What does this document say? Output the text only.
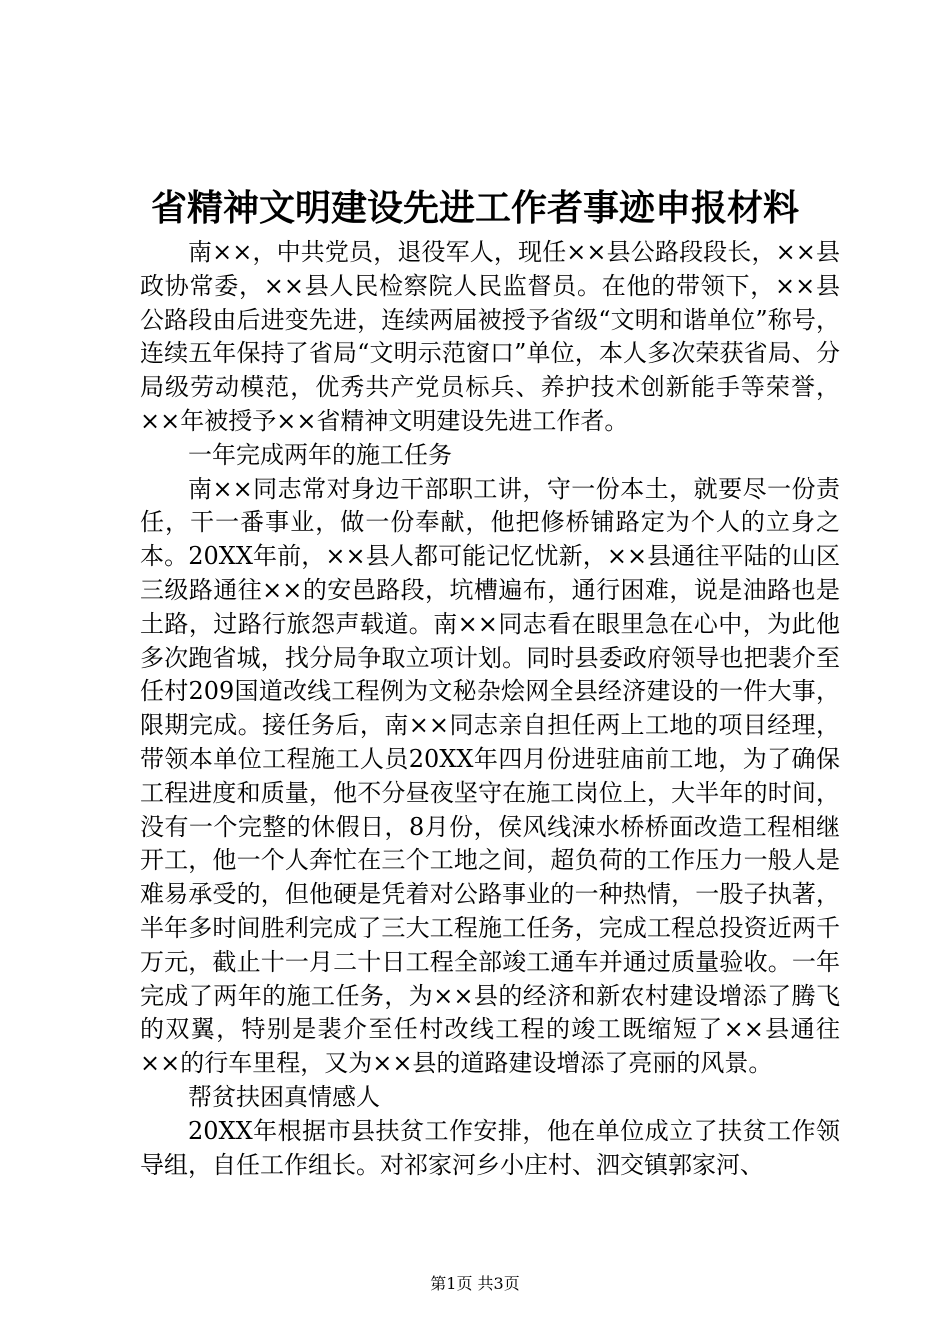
省精神文明建设先进工作者事迹申报材料

南××，中共党员，退役军人，现任××县公路段段长，××县政协常委，××县人民检察院人民监督员。在他的带领下，××县公路段由后进变先进，连续两届被授予省级“文明和谐单位”称号，连续五年保持了省局“文明示范窗口”单位，本人多次荣获省局、分局级劳动模范，优秀共产党员标兵、养护技术创新能手等荣誉，××年被授予××省精神文明建设先进工作者。

一年完成两年的施工任务

南××同志常对身边干部职工讲，守一份本土，就要尽一份责任，干一番事业，做一份奉献，他把修桥铺路定为个人的立身之本。20XX年前，××县人都可能记忆忧新，××县通往平陆的山区三级路通往××的安邑路段，坑槽遍布，通行困难，说是油路也是土路，过路行旅怨声载道。南××同志看在眼里急在心中，为此他多次跑省城，找分局争取立项计划。同时县委政府领导也把裴介至任村209国道改线工程例为文秘杂烩网全县经济建设的一件大事，限期完成。接任务后，南××同志亲自担任两上工地的项目经理，带领本单位工程施工人员20XX年四月份进驻庙前工地，为了确保工程进度和质量，他不分昼夜坚守在施工岗位上，大半年的时间，没有一个完整的休假日，8月份，侯风线涑水桥桥面改造工程相继开工，他一个人奔忙在三个工地之间，超负荷的工作压力一般人是难易承受的，但他硬是凭着对公路事业的一种热情，一股子执著，半年多时间胜利完成了三大工程施工任务，完成工程总投资近两千万元，截止十一月二十日工程全部竣工通车并通过质量验收。一年完成了两年的施工任务，为××县的经济和新农村建设增添了腾飞的双翼，特别是裴介至任村改线工程的竣工既缩短了××县通往××的行车里程，又为××县的道路建设增添了亮丽的风景。

帮贫扶困真情感人

20XX年根据市县扶贫工作安排，他在单位成立了扶贫工作领导组，自任工作组长。对祁家河乡小庄村、泗交镇郭家河、

第1页 共3页
